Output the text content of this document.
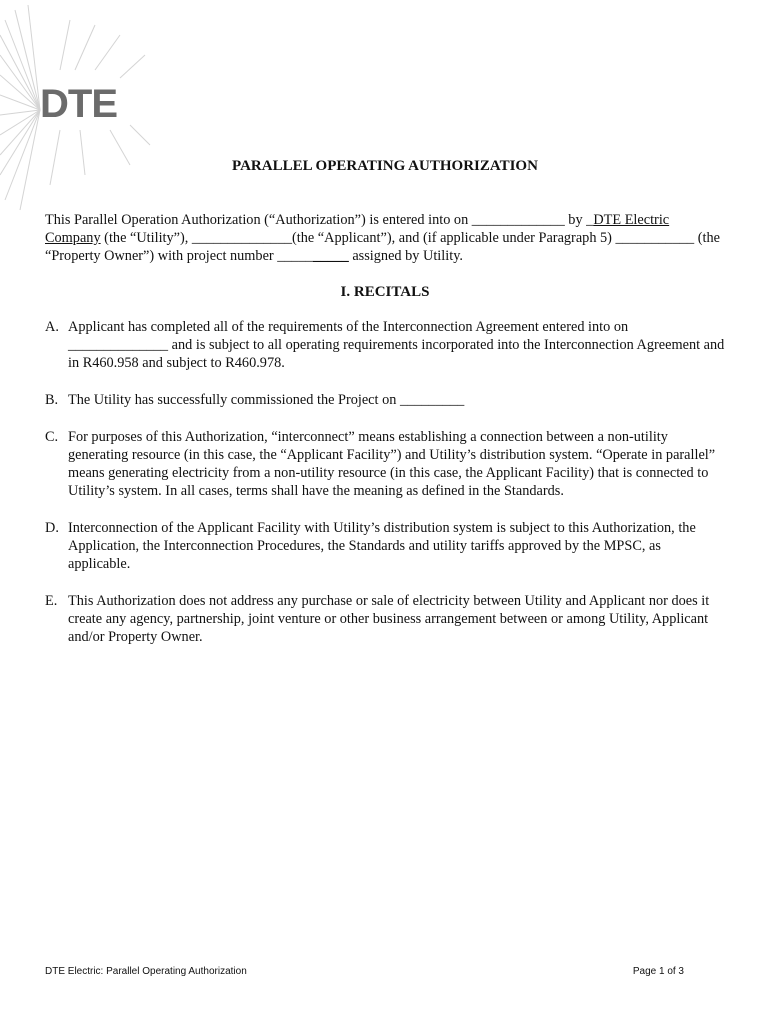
DTE
PARALLEL OPERATING AUTHORIZATION
This Parallel Operation Authorization (“Authorization”) is entered into on _____________ by _DTE Electric Company (the “Utility”), ______________(the “Applicant”), and (if applicable under Paragraph 5) ___________ (the “Property Owner”) with project number __________ assigned by Utility.
I. RECITALS
A. Applicant has completed all of the requirements of the Interconnection Agreement entered into on ______________ and is subject to all operating requirements incorporated into the Interconnection Agreement and in R460.958 and subject to R460.978.
B. The Utility has successfully commissioned the Project on _________
C. For purposes of this Authorization, “interconnect” means establishing a connection between a non-utility generating resource (in this case, the “Applicant Facility”) and Utility’s distribution system. “Operate in parallel” means generating electricity from a non-utility resource (in this case, the Applicant Facility) that is connected to Utility’s system. In all cases, terms shall have the meaning as defined in the Standards.
D. Interconnection of the Applicant Facility with Utility’s distribution system is subject to this Authorization, the Application, the Interconnection Procedures, the Standards and utility tariffs approved by the MPSC, as applicable.
E. This Authorization does not address any purchase or sale of electricity between Utility and Applicant nor does it create any agency, partnership, joint venture or other business arrangement between or among Utility, Applicant and/or Property Owner.
DTE Electric: Parallel Operating Authorization	Page 1 of 3
